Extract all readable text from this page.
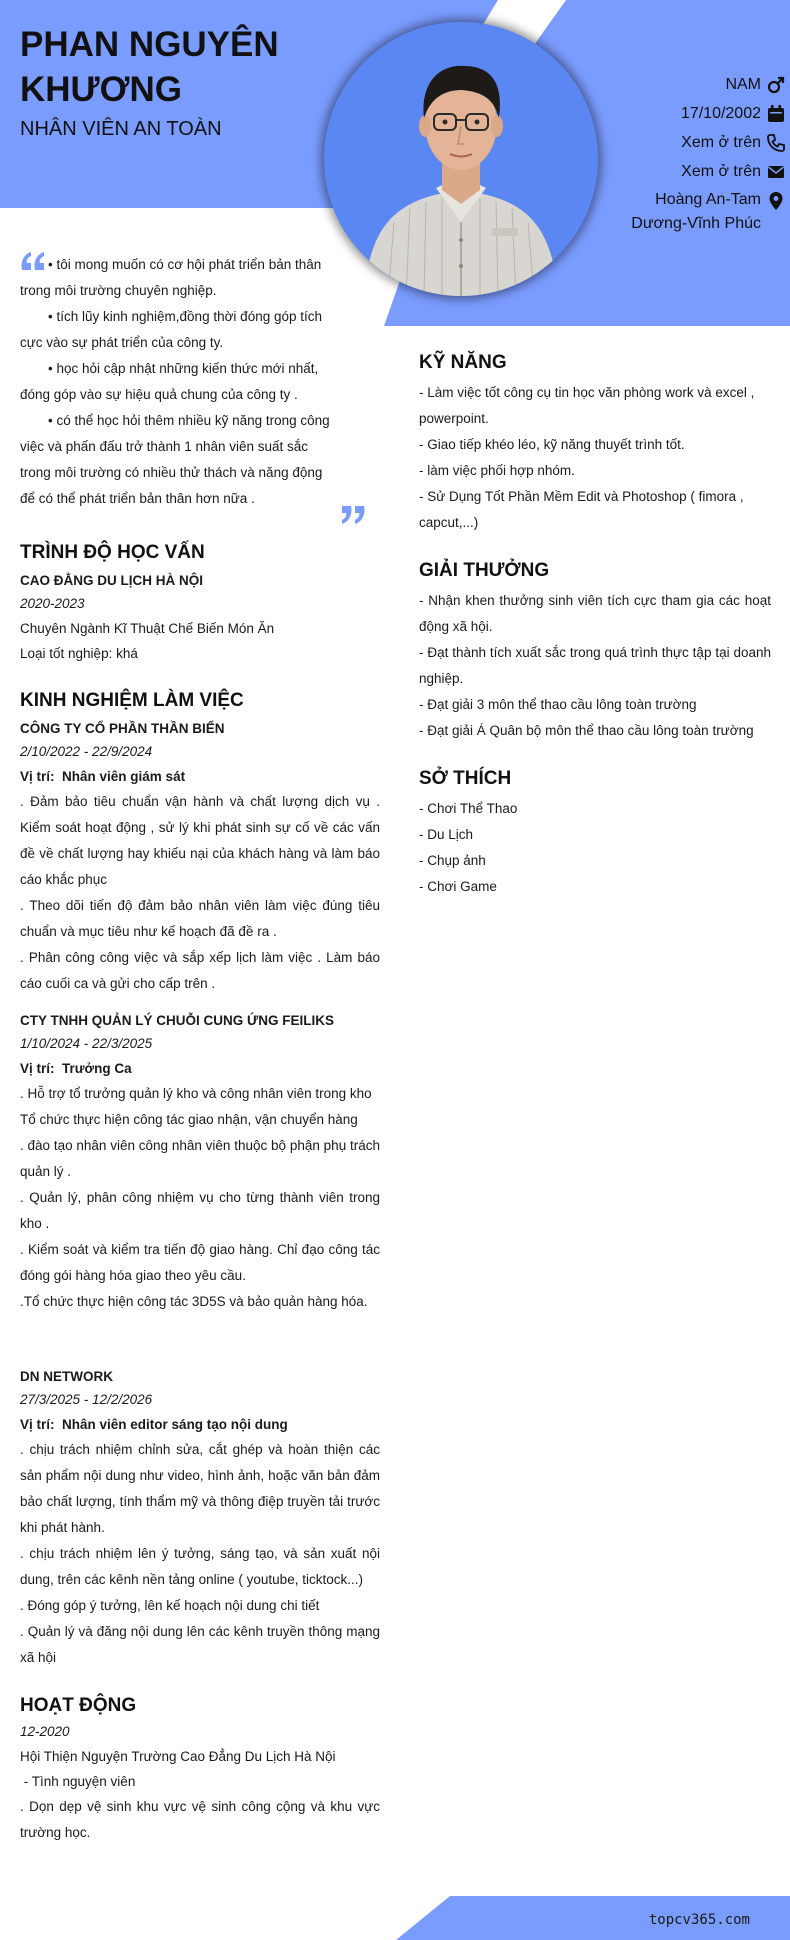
PHAN NGUYÊN KHƯƠNG
NHÂN VIÊN AN TOÀN
NAM
17/10/2002
Xem ở trên
Xem ở trên
Hoàng An-Tam Dương-Vĩnh Phúc

• tôi mong muốn có cơ hội phát triển bản thân trong môi trường chuyên nghiệp.

• tích lũy kinh nghiệm,đồng thời đóng góp tích cực vào sự phát triển của công ty.

• học hỏi cập nhật những kiến thức mới nhất, đóng góp vào sự hiệu quả chung của công ty .

• có thể học hỏi thêm nhiều kỹ năng trong công việc và phấn đấu trở thành 1 nhân viên suất sắc trong môi trường có nhiều thử thách và năng động để có thể phát triển bản thân hơn nữa .

TRÌNH ĐỘ HỌC VẤN
CAO ĐẲNG DU LỊCH HÀ NỘI
2020-2023
Chuyên Ngành Kĩ Thuật Chế Biến Món Ăn
Loại tốt nghiệp: khá
KINH NGHIỆM LÀM VIỆC
CÔNG TY CỔ PHẦN THẦN BIỂN
2/10/2022 - 22/9/2024
Vị trí: Nhân viên giám sát
. Đảm bảo tiêu chuẩn vận hành và chất lượng dịch vụ . Kiểm soát hoạt động , sử lý khi phát sinh sự cố về các vấn đề về chất lượng hay khiếu nại của khách hàng và làm báo cáo khắc phục
. Theo dõi tiến độ đảm bảo nhân viên làm việc đúng tiêu chuẩn và mục tiêu như kế hoạch đã đề ra .
. Phân công công việc và sắp xếp lịch làm việc . Làm báo cáo cuối ca và gửi cho cấp trên .
CTY TNHH QUẢN LÝ CHUỖI CUNG ỨNG FEILIKS
1/10/2024 - 22/3/2025
Vị trí: Trưởng Ca
. Hỗ trợ tổ trưởng quản lý kho và công nhân viên trong kho
Tổ chức thực hiện công tác giao nhận, vận chuyển hàng
. đào tạo nhân viên công nhân viên thuộc bộ phận phụ trách quản lý .
. Quản lý, phân công nhiệm vụ cho từng thành viên trong kho .
. Kiểm soát và kiểm tra tiến độ giao hàng. Chỉ đạo công tác đóng gói hàng hóa giao theo yêu cầu.
.Tổ chức thực hiện công tác 3D5S và bảo quản hàng hóa.
DN NETWORK
27/3/2025 - 12/2/2026
Vị trí: Nhân viên editor sáng tạo nội dung
. chịu trách nhiệm chỉnh sửa, cắt ghép và hoàn thiện các sản phẩm nội dung như video, hình ảnh, hoặc văn bản đảm bảo chất lượng, tính thẩm mỹ và thông điệp truyền tải trước khi phát hành.
. chịu trách nhiệm lên ý tưởng, sáng tạo, và sản xuất nội dung, trên các kênh nền tảng online ( youtube, ticktock...)
. Đóng góp ý tưởng, lên kế hoạch nội dung chi tiết
. Quản lý và đăng nội dung lên các kênh truyền thông mạng xã hội
HOẠT ĐỘNG
12-2020
Hội Thiện Nguyện Trường Cao Đẳng Du Lịch Hà Nội
- Tình nguyện viên
. Dọn dẹp vệ sinh khu vực vệ sinh công cộng và khu vực trường học.
KỸ NĂNG
- Làm việc tốt công cụ tin học văn phòng work và excel , powerpoint.
- Giao tiếp khéo léo, kỹ năng thuyết trình tốt.
- làm việc phối hợp nhóm.
- Sử Dụng Tốt Phần Mềm Edit và Photoshop ( fimora , capcut,...)
GIẢI THƯỞNG
- Nhận khen thưởng sinh viên tích cực tham gia các hoạt động xã hội.
- Đạt thành tích xuất sắc trong quá trình thực tập tại doanh nghiệp.
- Đạt giải 3 môn thể thao cầu lông toàn trường
- Đạt giải Á Quân bộ môn thể thao cầu lông toàn trường
SỞ THÍCH
- Chơi Thể Thao
- Du Lịch
- Chụp ảnh
- Chơi Game
topcv365.com
